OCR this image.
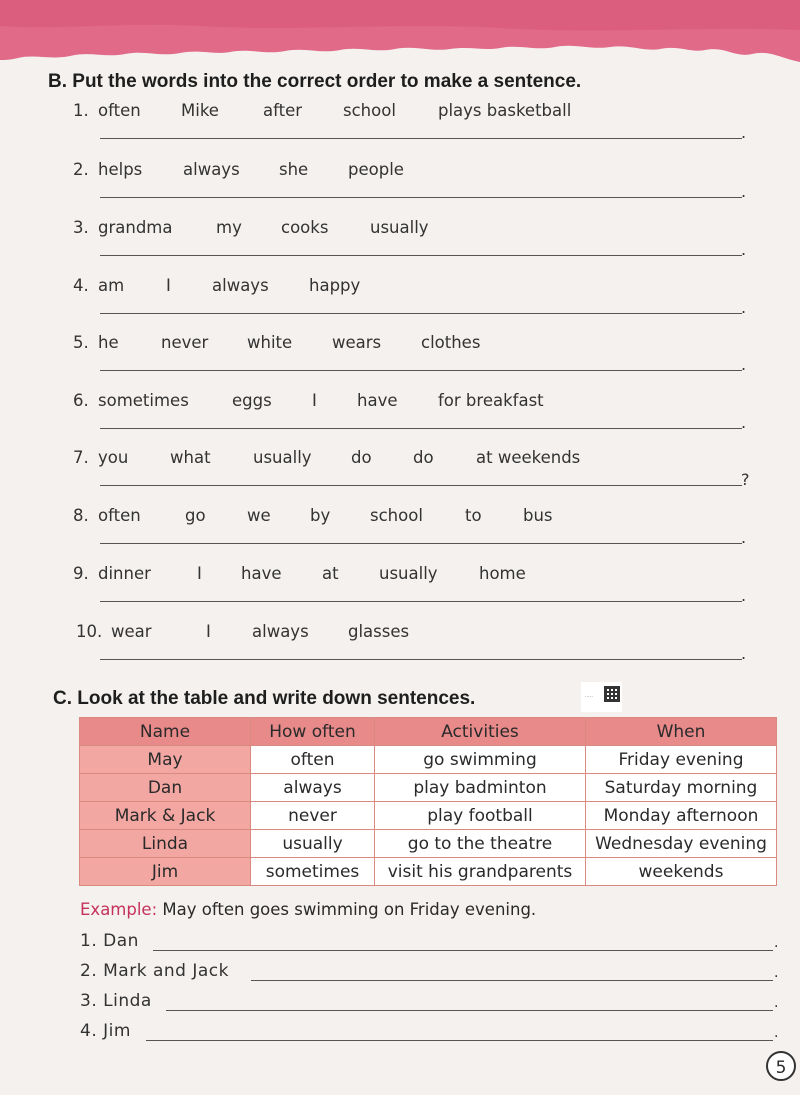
B. Put the words into the correct order to make a sentence.
1. often Mike	after school	plays basketball
.
2. helps always she people
.
3. grandma	my cooks	usually
.
4. am	I always happy
.
5. he	never white wears clothes
.
6. sometimes	eggs I have for breakfast
.
7. you	what	usually do	do	at weekends
?
8. often	go	we by school	to	bus
.
9. dinner	I have at usually	home
.
10. wear	I always glasses
.
C. Look at the table and write down sentences.	.....
Name	How often	Activities	When
May	often	go swimming	Friday evening
Dan	always	play badminton	Saturday morning
Mark & Jack	never	play football	Monday afternoon
Linda	usually	go to the theatre	Wednesday evening
Jim	sometimes	visit his grandparents	weekends
Example: May often goes swimming on Friday evening.
1. Dan	.
2. Mark and Jack	.
3. Linda	.
4. Jim	.
5
